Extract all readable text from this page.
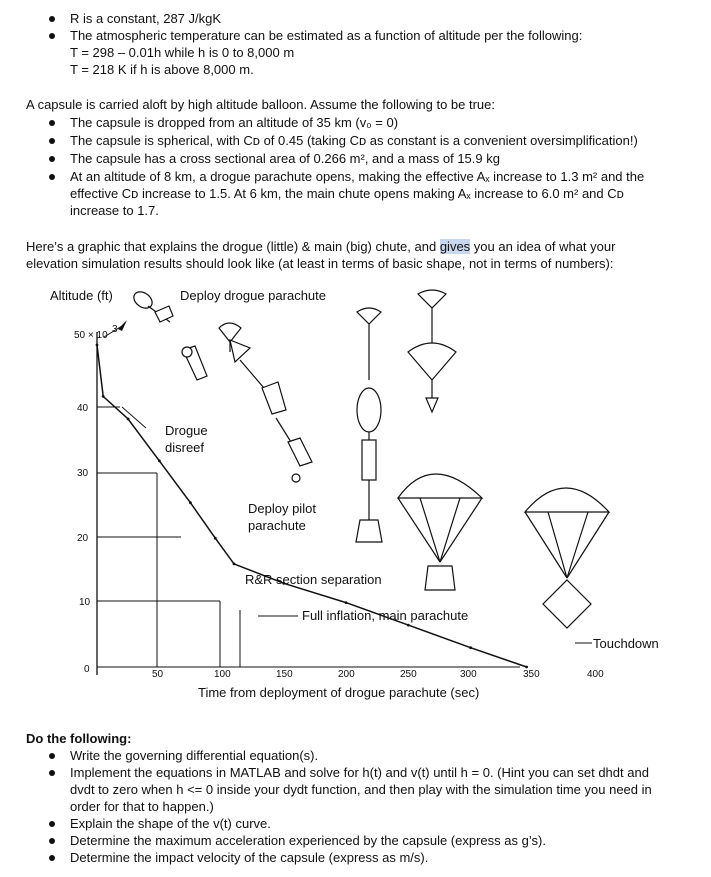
R is a constant, 287 J/kgK
The atmospheric temperature can be estimated as a function of altitude per the following:
T = 298 – 0.01h while h is 0 to 8,000 m
T = 218 K if h is above 8,000 m.
A capsule is carried aloft by high altitude balloon. Assume the following to be true:
The capsule is dropped from an altitude of 35 km (v₀ = 0)
The capsule is spherical, with Cᴅ of 0.45 (taking Cᴅ as constant is a convenient oversimplification!)
The capsule has a cross sectional area of 0.266 m², and a mass of 15.9 kg
At an altitude of 8 km, a drogue parachute opens, making the effective Aₓ increase to 1.3 m² and the effective Cᴅ increase to 1.5. At 6 km, the main chute opens making Aₓ increase to 6.0 m² and Cᴅ increase to 1.7.
Here’s a graphic that explains the drogue (little) & main (big) chute, and gives you an idea of what your elevation simulation results should look like (at least in terms of basic shape, not in terms of numbers):
Altitude (ft)
50 × 10
3
40
30
20
10
0	50	100	150	200	250	300	350	400
Time from deployment of drogue parachute (sec)
Deploy drogue parachute
Drogue
disreef
Deploy pilot
parachute
R&R section separation
Full inflation, main parachute
Touchdown
Do the following:
Write the governing differential equation(s).
Implement the equations in MATLAB and solve for h(t) and v(t) until h = 0. (Hint you can set dhdt and dvdt to zero when h <= 0 inside your dydt function, and then play with the simulation time you need in order for that to happen.)
Explain the shape of the v(t) curve.
Determine the maximum acceleration experienced by the capsule (express as g’s).
Determine the impact velocity of the capsule (express as m/s).
